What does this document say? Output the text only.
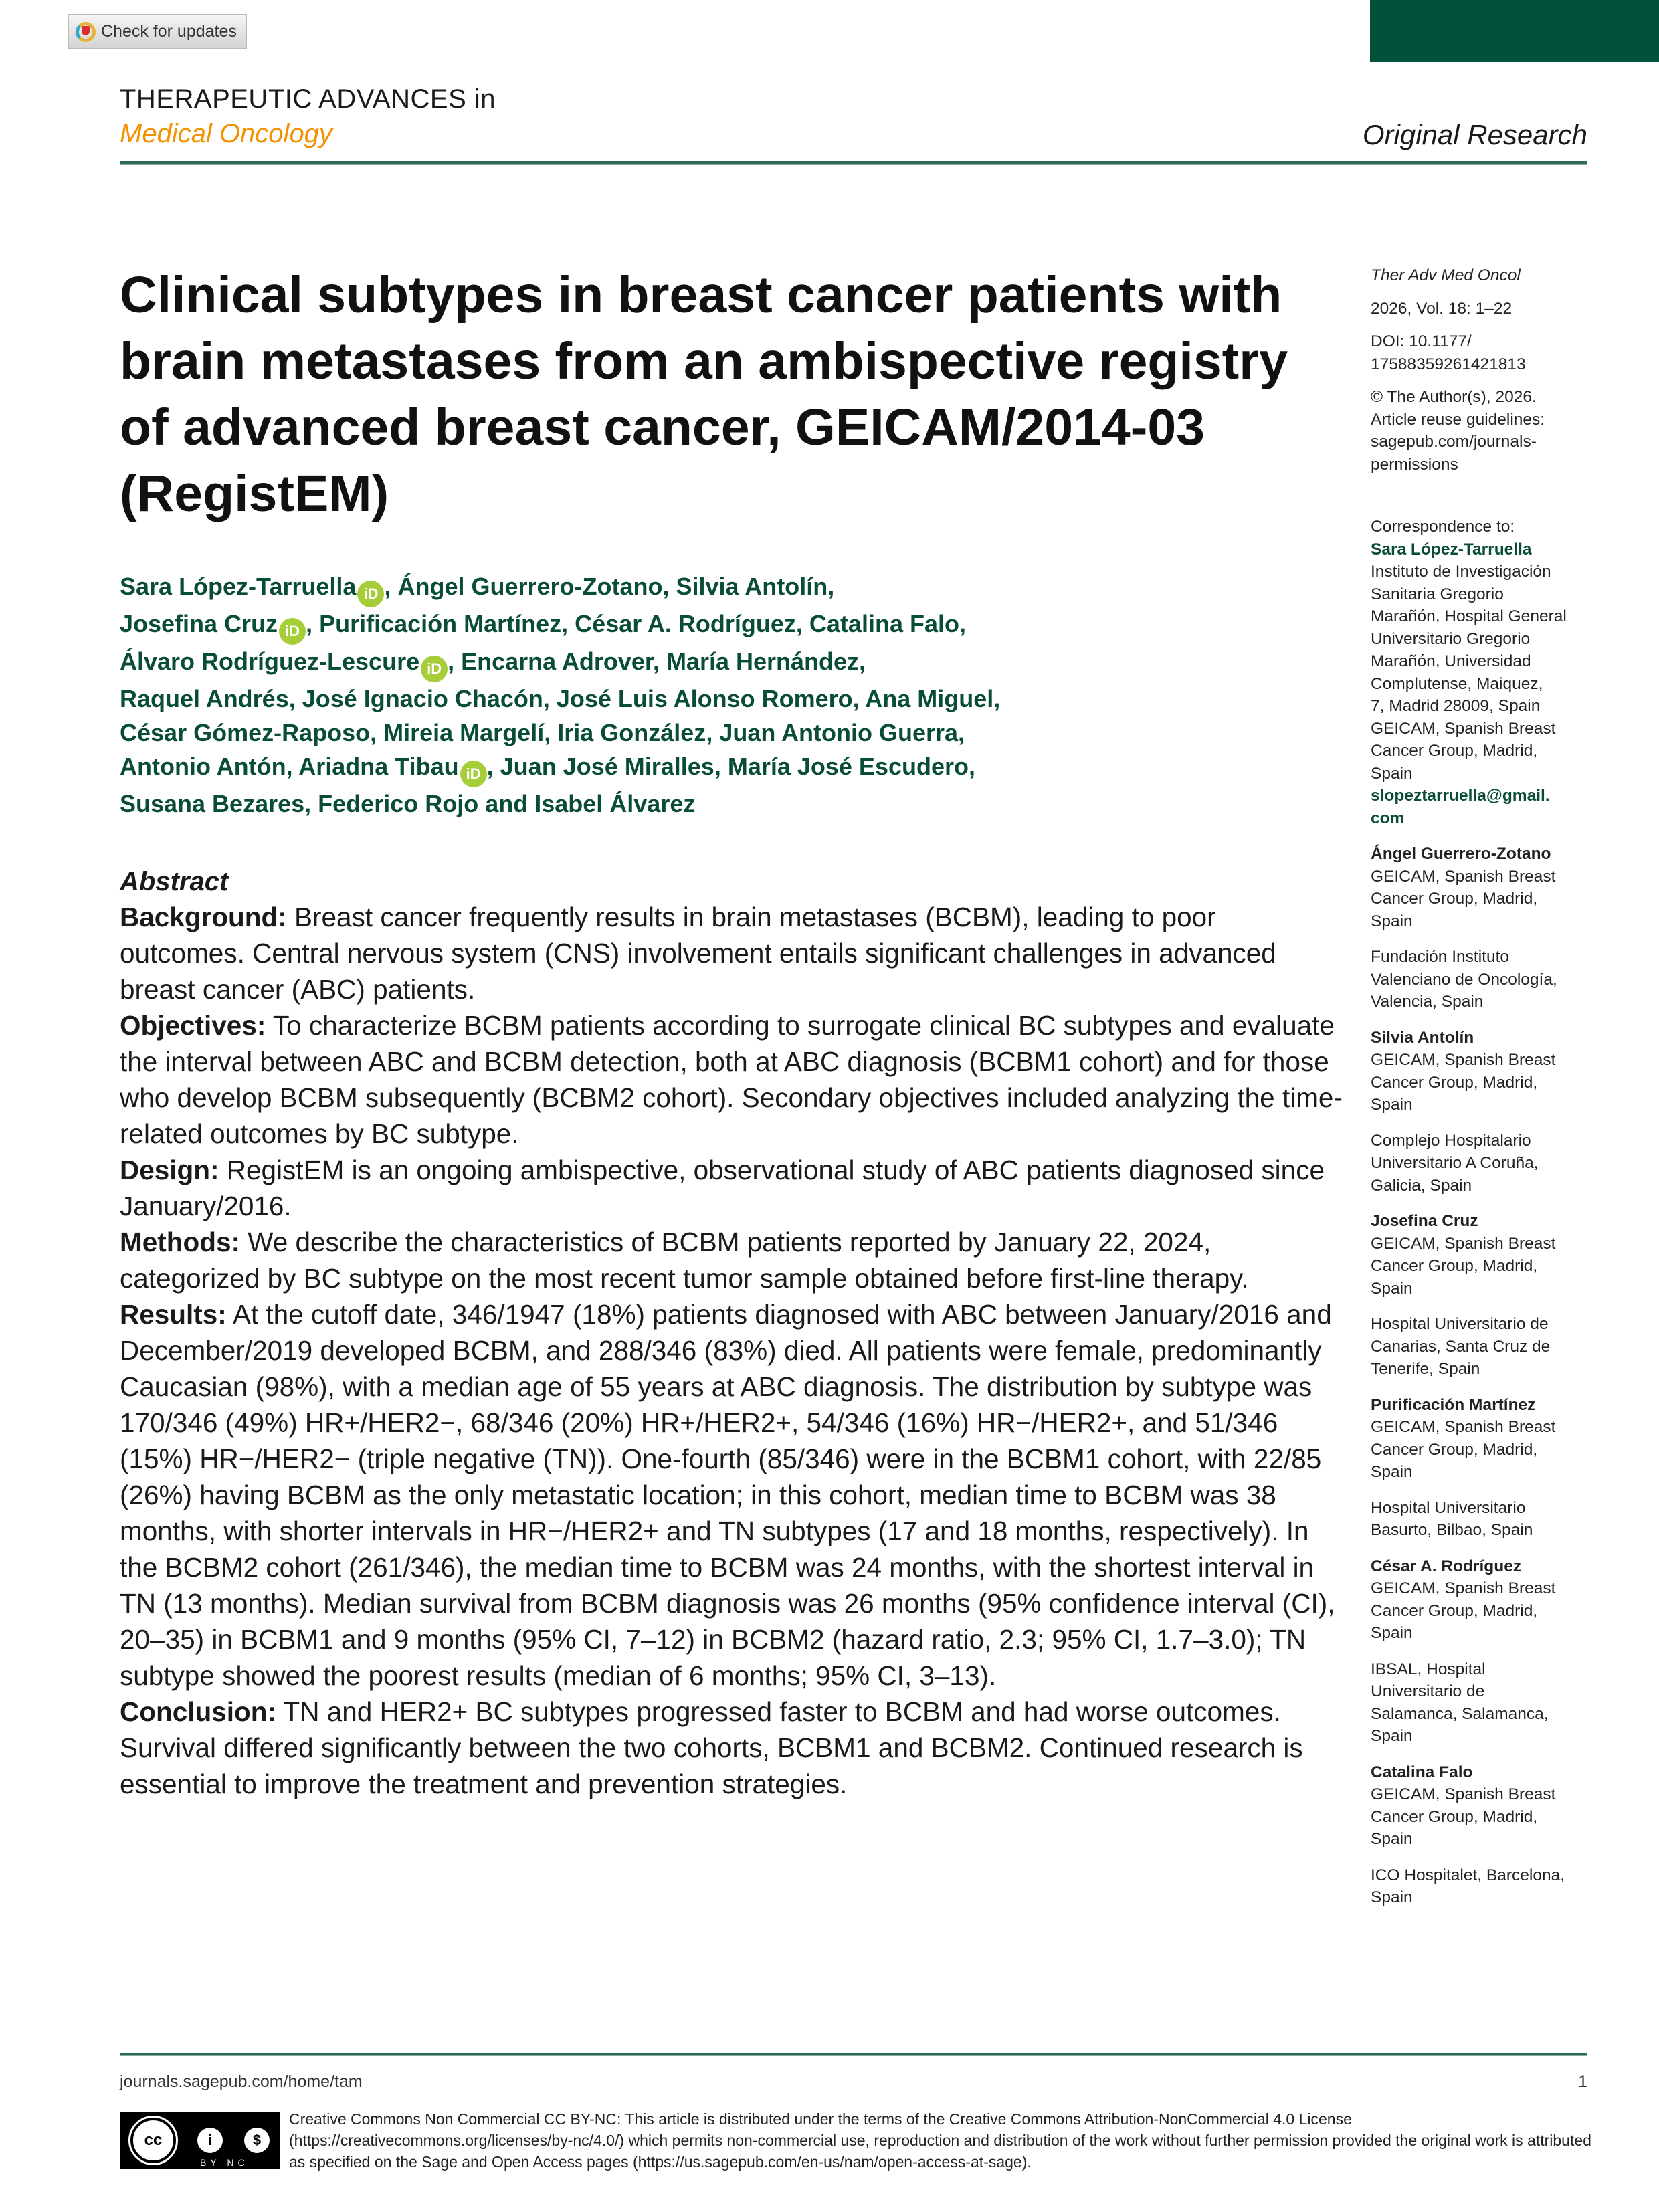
Check for updates
THERAPEUTIC ADVANCES in
Medical Oncology	Original Research
Clinical subtypes in breast cancer patients with brain metastases from an ambispective registry of advanced breast cancer, GEICAM/2014-03 (RegistEM)
Sara López-Tarruella iD , Ángel Guerrero-Zotano, Silvia Antolín,
Josefina Cruz iD , Purificación Martínez, César A. Rodríguez, Catalina Falo,
Álvaro Rodríguez-Lescure iD , Encarna Adrover, María Hernández,
Raquel Andrés, José Ignacio Chacón, José Luis Alonso Romero, Ana Miguel,
César Gómez-Raposo, Mireia Margelí, Iria González, Juan Antonio Guerra,
Antonio Antón, Ariadna Tibau iD , Juan José Miralles, María José Escudero,
Susana Bezares, Federico Rojo and Isabel Álvarez
Abstract

Background: Breast cancer frequently results in brain metastases (BCBM), leading to poor outcomes. Central nervous system (CNS) involvement entails significant challenges in advanced breast cancer (ABC) patients.

Objectives: To characterize BCBM patients according to surrogate clinical BC subtypes and evaluate the interval between ABC and BCBM detection, both at ABC diagnosis (BCBM1 cohort) and for those who develop BCBM subsequently (BCBM2 cohort). Secondary objectives included analyzing the time-related outcomes by BC subtype.

Design: RegistEM is an ongoing ambispective, observational study of ABC patients diagnosed since January/2016.

Methods: We describe the characteristics of BCBM patients reported by January 22, 2024, categorized by BC subtype on the most recent tumor sample obtained before first-line therapy.

Results: At the cutoff date, 346/1947 (18%) patients diagnosed with ABC between January/2016 and December/2019 developed BCBM, and 288/346 (83%) died. All patients were female, predominantly Caucasian (98%), with a median age of 55 years at ABC diagnosis. The distribution by subtype was 170/346 (49%) HR+/HER2−, 68/346 (20%) HR+/HER2+, 54/346 (16%) HR−/HER2+, and 51/346 (15%) HR−/HER2− (triple negative (TN)). One-fourth (85/346) were in the BCBM1 cohort, with 22/85 (26%) having BCBM as the only metastatic location; in this cohort, median time to BCBM was 38 months, with shorter intervals in HR−/HER2+ and TN subtypes (17 and 18 months, respectively). In the BCBM2 cohort (261/346), the median time to BCBM was 24 months, with the shortest interval in TN (13 months). Median survival from BCBM diagnosis was 26 months (95% confidence interval (CI), 20–35) in BCBM1 and 9 months (95% CI, 7–12) in BCBM2 (hazard ratio, 2.3; 95% CI, 1.7–3.0); TN subtype showed the poorest results (median of 6 months; 95% CI, 3–13).

Conclusion: TN and HER2+ BC subtypes progressed faster to BCBM and had worse outcomes. Survival differed significantly between the two cohorts, BCBM1 and BCBM2. Continued research is essential to improve the treatment and prevention strategies.

Ther Adv Med Oncol
2026, Vol. 18: 1–22
DOI: 10.1177/
17588359261421813
© The Author(s), 2026.
Article reuse guidelines:
sagepub.com/journals-
permissions
Correspondence to:
Sara López-Tarruella
Instituto de Investigación
Sanitaria Gregorio
Marañón, Hospital General
Universitario Gregorio
Marañón, Universidad
Complutense, Maiquez,
7, Madrid 28009, Spain
GEICAM, Spanish Breast
Cancer Group, Madrid,
Spain
slopeztarruella@gmail.
com
Ángel Guerrero-Zotano
GEICAM, Spanish Breast
Cancer Group, Madrid,
Spain
Fundación Instituto
Valenciano de Oncología,
Valencia, Spain
Silvia Antolín
GEICAM, Spanish Breast
Cancer Group, Madrid,
Spain
Complejo Hospitalario
Universitario A Coruña,
Galicia, Spain
Josefina Cruz
GEICAM, Spanish Breast
Cancer Group, Madrid,
Spain
Hospital Universitario de
Canarias, Santa Cruz de
Tenerife, Spain
Purificación Martínez
GEICAM, Spanish Breast
Cancer Group, Madrid,
Spain
Hospital Universitario
Basurto, Bilbao, Spain
César A. Rodríguez
GEICAM, Spanish Breast
Cancer Group, Madrid,
Spain
IBSAL, Hospital
Universitario de
Salamanca, Salamanca,
Spain
Catalina Falo
GEICAM, Spanish Breast
Cancer Group, Madrid,
Spain
ICO Hospitalet, Barcelona,
Spain
journals.sagepub.com/home/tam	1
cc	i	$
BY NC
Creative Commons Non Commercial CC BY-NC: This article is distributed under the terms of the Creative Commons Attribution-NonCommercial 4.0 License (https://creativecommons.org/licenses/by-nc/4.0/) which permits non-commercial use, reproduction and distribution of the work without further permission provided the original work is attributed as specified on the Sage and Open Access pages (https://us.sagepub.com/en-us/nam/open-access-at-sage).
